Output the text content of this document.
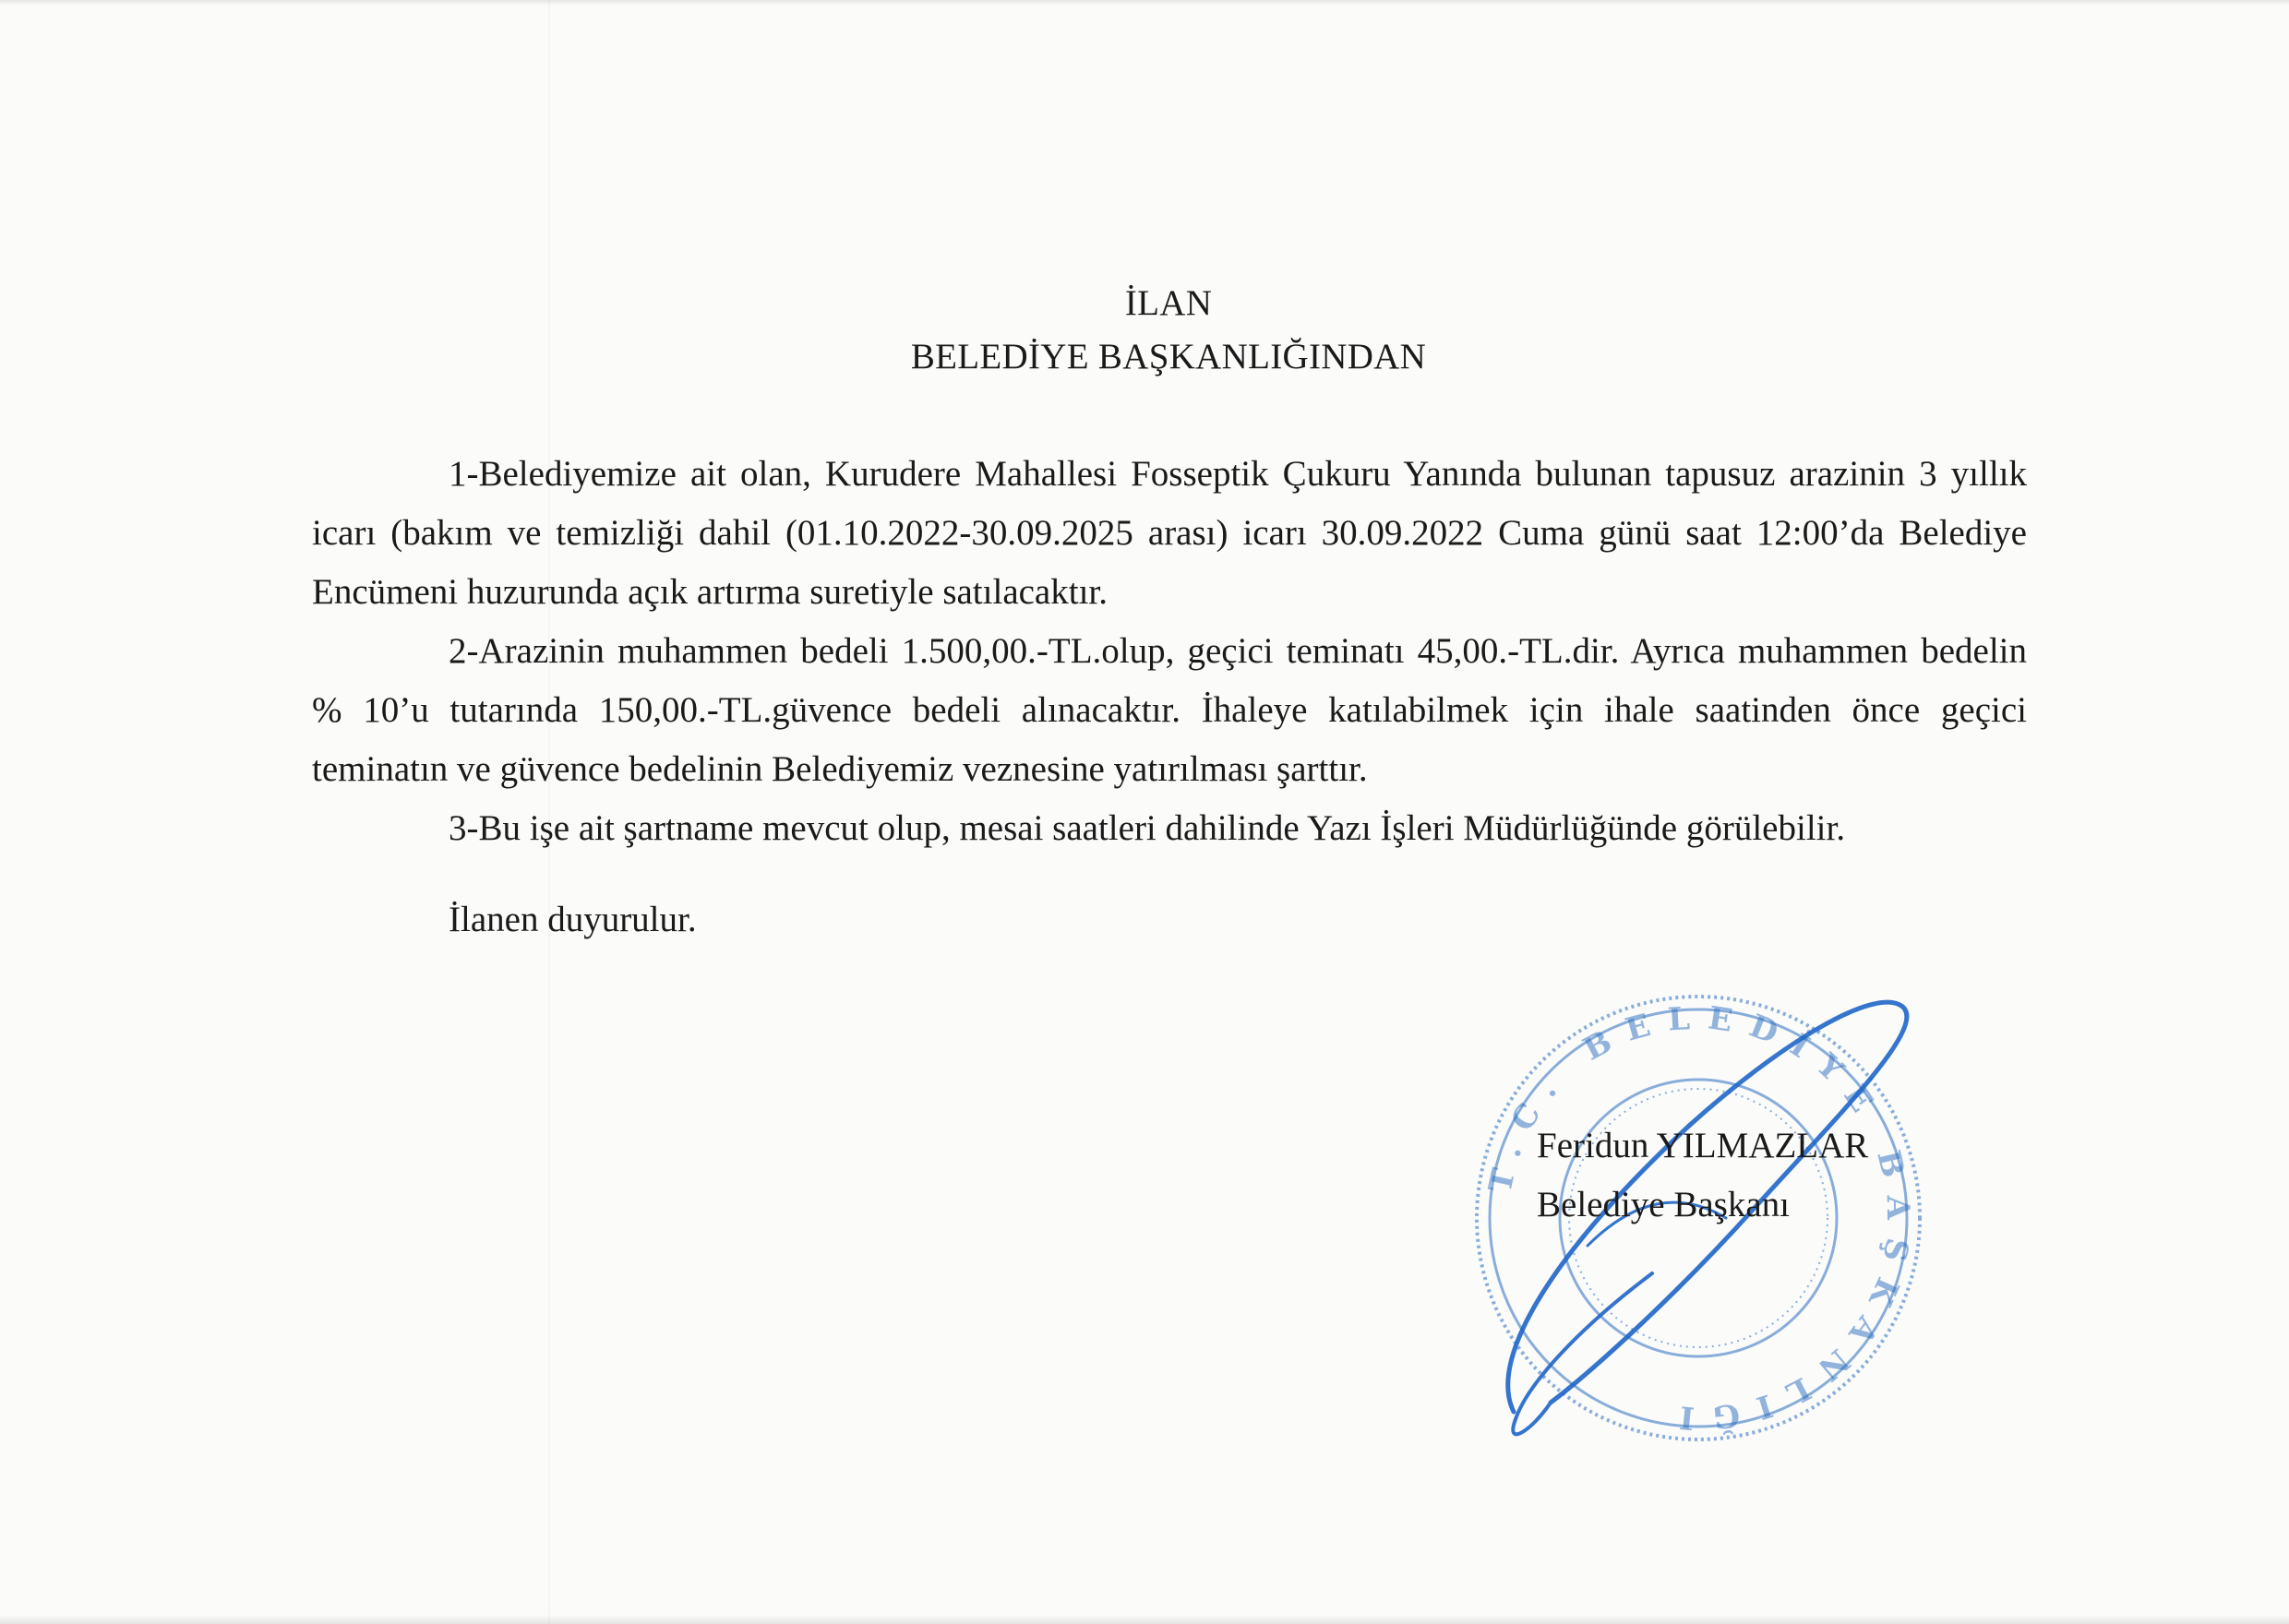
İLAN
BELEDİYE BAŞKANLIĞINDAN

1-Belediyemize ait olan, Kurudere Mahallesi Fosseptik Çukuru Yanında bulunan tapusuz arazinin 3 yıllık icarı (bakım ve temizliği dahil (01.10.2022-30.09.2025 arası) icarı 30.09.2022 Cuma günü saat 12:00’da Belediye Encümeni huzurunda açık artırma suretiyle satılacaktır.

2-Arazinin muhammen bedeli 1.500,00.-TL.olup, geçici teminatı 45,00.-TL.dir. Ayrıca muhammen bedelin % 10’u tutarında 150,00.-TL.güvence bedeli alınacaktır. İhaleye katılabilmek için ihale saatinden önce geçici teminatın ve güvence bedelinin Belediyemiz veznesine yatırılması şarttır.

3-Bu işe ait şartname mevcut olup, mesai saatleri dahilinde Yazı İşleri Müdürlüğünde görülebilir.

İlanen duyurulur.
T.C. BELEDİYE BAŞKANLIĞI
Feridun YILMAZLAR
Belediye Başkanı
